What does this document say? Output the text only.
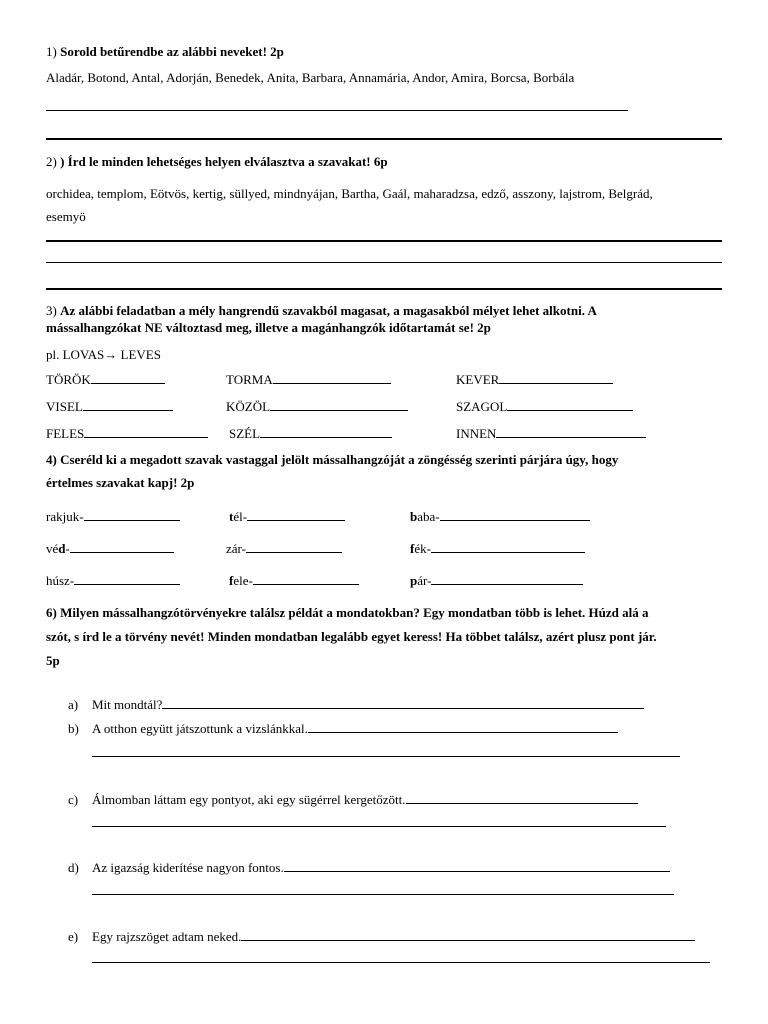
1) Sorold betűrendbe az alábbi neveket! 2p
Aladár, Botond, Antal, Adorján, Benedek, Anita, Barbara, Annamária, Andor, Amira, Borcsa, Borbála
2) ) Írd le minden lehetséges helyen elválasztva a szavakat! 6p
orchidea, templom, Eötvös, kertig, süllyed, mindnyájan, Bartha, Gaál, maharadzsa, edző, asszony, lajstrom, Belgrád,
esemyö
3) Az alábbi feladatban a mély hangrendű szavakból magasat, a magasakból mélyet lehet alkotni. A
mássalhangzókat NE változtasd meg, illetve a magánhangzók időtartamát se! 2p
pl. LOVAS→ LEVES
TÖRÖK	TORMA	KEVER
VISEL	KÖZÖL	SZAGOL
FELES	SZÉL	INNEN
4) Cseréld ki a megadott szavak vastaggal jelölt mássalhangzóját a zöngésség szerinti párjára úgy, hogy
értelmes szavakat kapj! 2p
rakjuk-	tél-	baba-
véd-	zár-	fék-
húsz-	fele-	pár-
6) Milyen mássalhangzótörvényekre találsz példát a mondatokban? Egy mondatban több is lehet. Húzd alá a
szót, s írd le a törvény nevét! Minden mondatban legalább egyet keress! Ha többet találsz, azért plusz pont jár.
5p
a) Mit mondtál?
b) A otthon együtt játszottunk a vizslánkkal.
c) Álmomban láttam egy pontyot, aki egy sügérrel kergetőzött.
d) Az igazság kiderítése nagyon fontos.
e) Egy rajzszöget adtam neked.
